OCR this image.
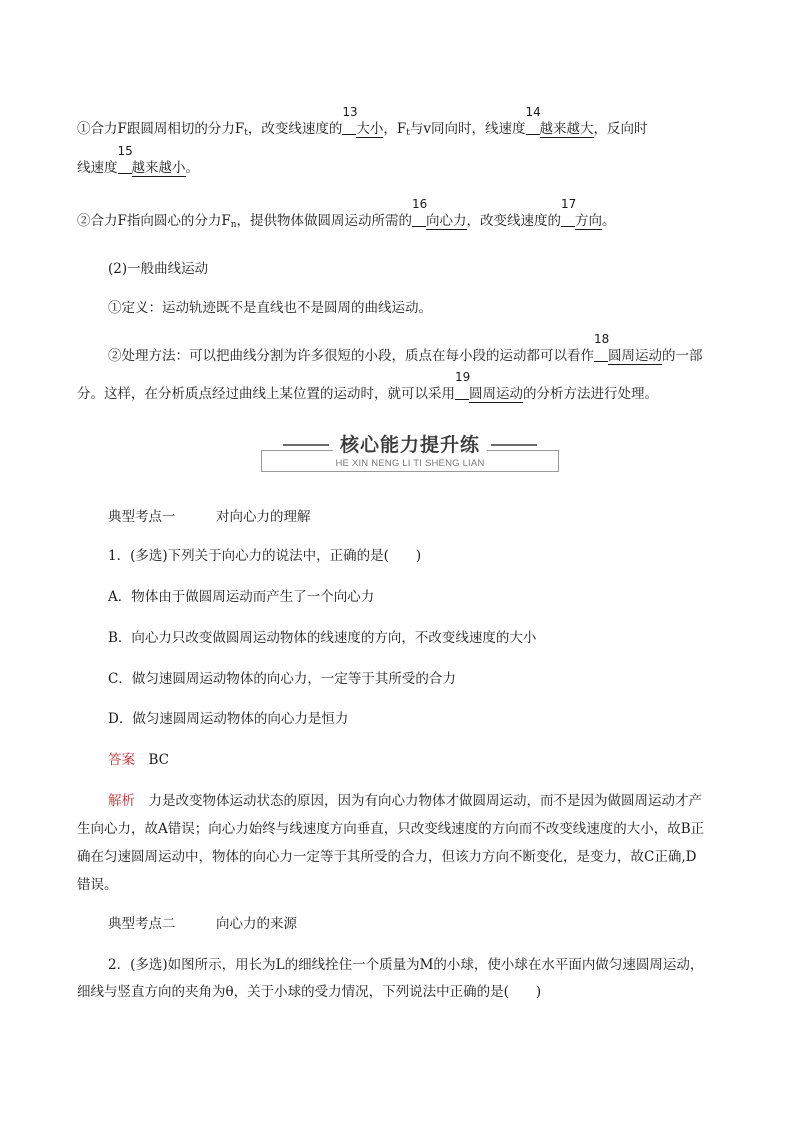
①合力F跟圆周相切的分力$F_t$，改变线速度的
13
大小，$F_t$与v同向时，线速度
14
越来越大，反向时
线速度
15
越来越小。
②合力F指向圆心的分力$F_n$，提供物体做圆周运动所需的
16
向心力，改变线速度的
17
方向。
(2)一般曲线运动
①定义：运动轨迹既不是直线也不是圆周的曲线运动。
②处理方法：可以把曲线分割为许多很短的小段，质点在每小段的运动都可以看作
18
圆周运动的一部
分。这样，在分析质点经过曲线上某位置的运动时，就可以采用
19
圆周运动的分析方法进行处理。
核心能力提升练
HE XIN NENG LI TI SHENG LIAN
典型考点一　　　对向心力的理解
1．(多选)下列关于向心力的说法中，正确的是(　　)
A．物体由于做圆周运动而产生了一个向心力
B．向心力只改变做圆周运动物体的线速度的方向，不改变线速度的大小
C．做匀速圆周运动物体的向心力，一定等于其所受的合力
D．做匀速圆周运动物体的向心力是恒力
答案　 BC
解析　 力是改变物体运动状态的原因，因为有向心力物体才做圆周运动，而不是因为做圆周运动才产
生向心力，故A错误；向心力始终与线速度方向垂直，只改变线速度的方向而不改变线速度的大小，故B正
确在匀速圆周运动中，物体的向心力一定等于其所受的合力，但该力方向不断变化，是变力，故C正确,D
错误。
典型考点二　　　向心力的来源
2．(多选)如图所示，用长为L的细线拴住一个质量为M的小球，使小球在水平面内做匀速圆周运动，
细线与竖直方向的夹角为θ，关于小球的受力情况，下列说法中正确的是(　　)
